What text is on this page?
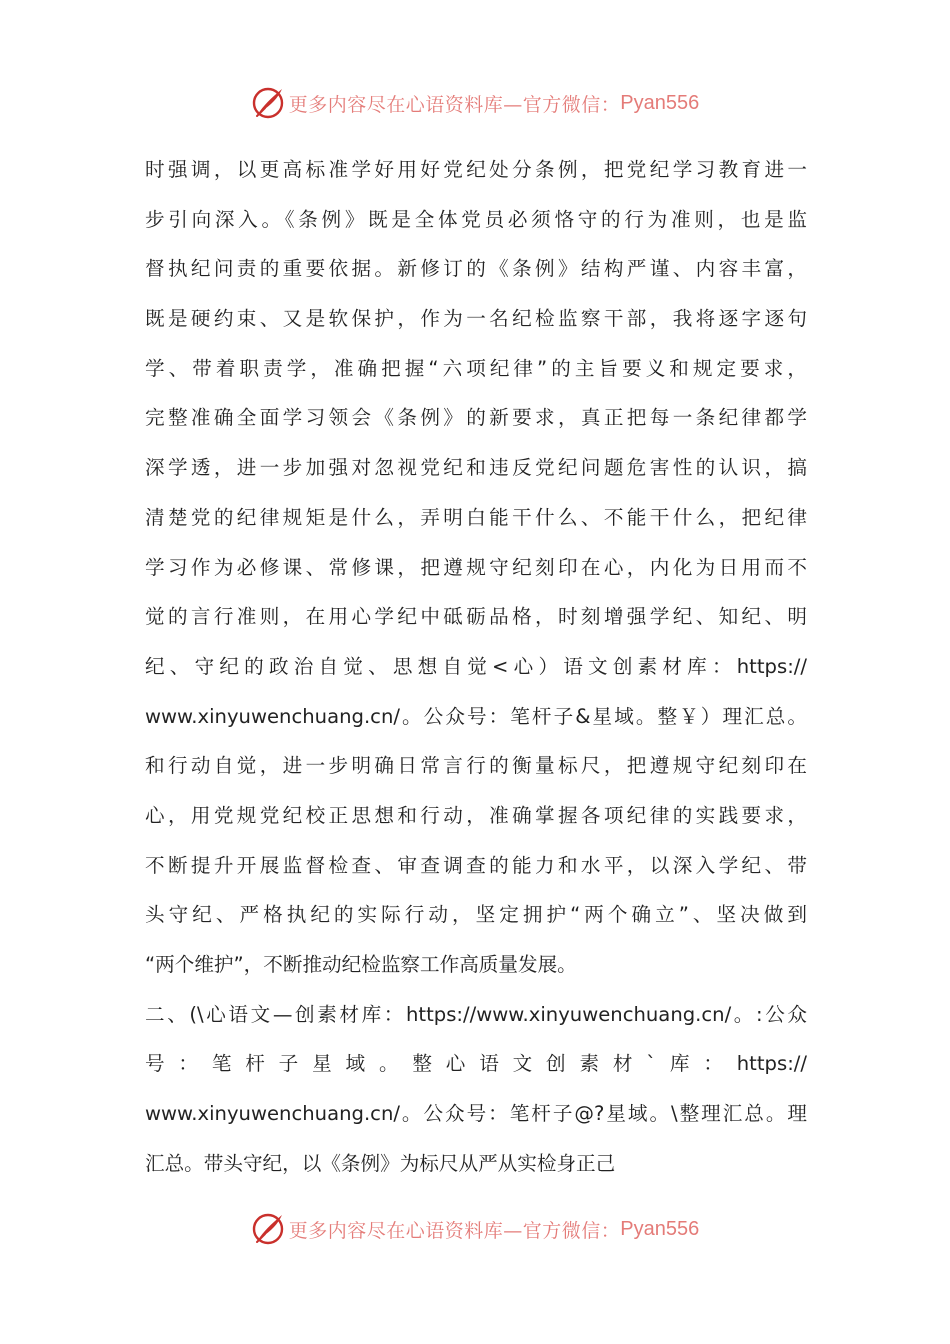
更多内容尽在心语资料库—官方微信： Pyan556
时强调，以更高标准学好用好党纪处分条例，把党纪学习教育进一
步引向深入。《条例》既是全体党员必须恪守的行为准则，也是监
督执纪问责的重要依据。新修订的《条例》结构严谨、内容丰富，
既是硬约束、又是软保护，作为一名纪检监察干部，我将逐字逐句
学、带着职责学，准确把握“六项纪律”的主旨要义和规定要求，
完整准确全面学习领会《条例》的新要求，真正把每一条纪律都学
深学透，进一步加强对忽视党纪和违反党纪问题危害性的认识，搞
清楚党的纪律规矩是什么，弄明白能干什么、不能干什么，把纪律
学习作为必修课、常修课，把遵规守纪刻印在心，内化为日用而不
觉的言行准则，在用心学纪中砥砺品格，时刻增强学纪、知纪、明
纪、守纪的政治自觉、思想自觉<心）语文创素材库：https://
www.xinyuwenchuang.cn/。公众号：笔杆子&星域。整￥）理汇总。
和行动自觉，进一步明确日常言行的衡量标尺，把遵规守纪刻印在
心，用党规党纪校正思想和行动，准确掌握各项纪律的实践要求，
不断提升开展监督检查、审查调查的能力和水平，以深入学纪、带
头守纪、严格执纪的实际行动，坚定拥护“两个确立”、坚决做到
“两个维护”，不断推动纪检监察工作高质量发展。
二、(\心语文—创素材库：https://www.xinyuwenchuang.cn/。:公众
号：笔杆子星域。整心语文创素材`库：https://
www.xinyuwenchuang.cn/。公众号：笔杆子@?星域。\整理汇总。理
汇总。带头守纪，以《条例》为标尺从严从实检身正己
更多内容尽在心语资料库—官方微信： Pyan556
